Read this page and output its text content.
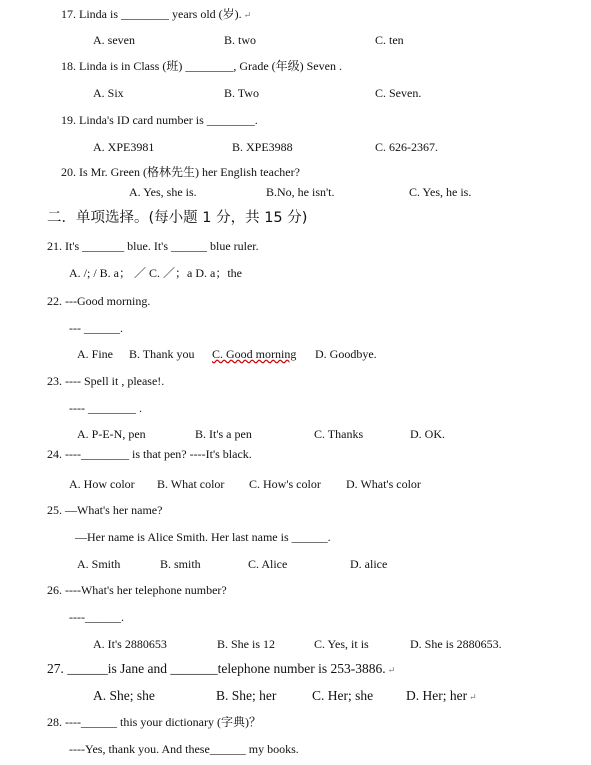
17. Linda is ________ years old (岁). ↵
A. seven	B. two	C. ten
18. Linda is in Class (班) ________, Grade (年级) Seven .
A. Six	B. Two	C. Seven.
19. Linda's ID card number is ________.
A. XPE3981	B. XPE3988	C. 626-2367.
20. Is Mr. Green (格林先生) her English teacher?
A. Yes, she is.	B.No, he isn't.	C. Yes, he is.
二．单项选择。(每小题 1 分，共 15 分)
21. It's _______ blue. It's ______ blue ruler.
A. /; / B. a； ／ C. ／；a D. a；the
22. ---Good morning.
--- ______.
A. Fine B. Thank you C. Good morning D. Goodbye.
23. ---- Spell it , please!.
---- ________ .
A. P-E-N, pen	B. It's a pen	C. Thanks	D. OK.
24. ----________ is that pen? ----It's black.
A. How color B. What color C. How's color D. What's color
25. —What's her name?
—Her name is Alice Smith. Her last name is ______.
A. Smith	B. smith	C. Alice	D. alice
26. ----What's her telephone number?
----______.
A. It's 2880653	B. She is 12	C. Yes, it is	D. She is 2880653.
27. ______is Jane and _______telephone number is 253-3886. ↵
A. She; she	B. She; her	C. Her; she D. Her; her ↵
28. ----______ this your dictionary (字典)？
----Yes, thank you. And these______ my books.
